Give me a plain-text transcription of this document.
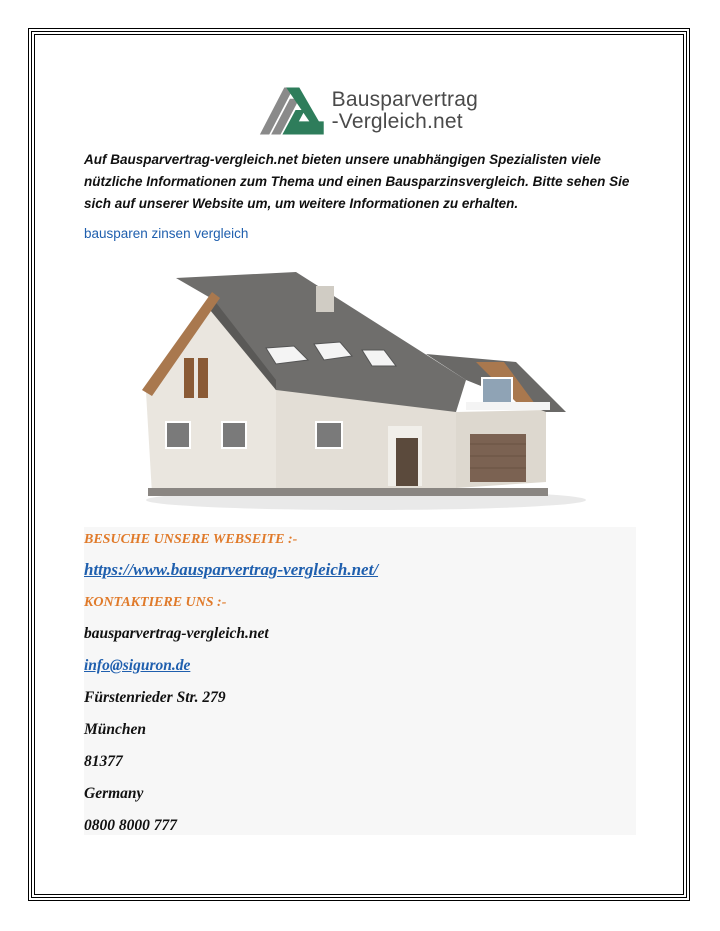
Bausparvertrag
-Vergleich.net

Auf Bausparvertrag-vergleich.net bieten unsere unabhängigen Spezialisten viele nützliche Informationen zum Thema und einen Bausparzinsvergleich. Bitte sehen Sie sich auf unserer Website um, um weitere Informationen zu erhalten.

bausparen zinsen vergleich
BESUCHE UNSERE WEBSEITE :-
https://www.bausparvertrag-vergleich.net/
KONTAKTIERE UNS :-
bausparvertrag-vergleich.net
info@siguron.de
Fürstenrieder Str. 279
München
81377
Germany
0800 8000 777
